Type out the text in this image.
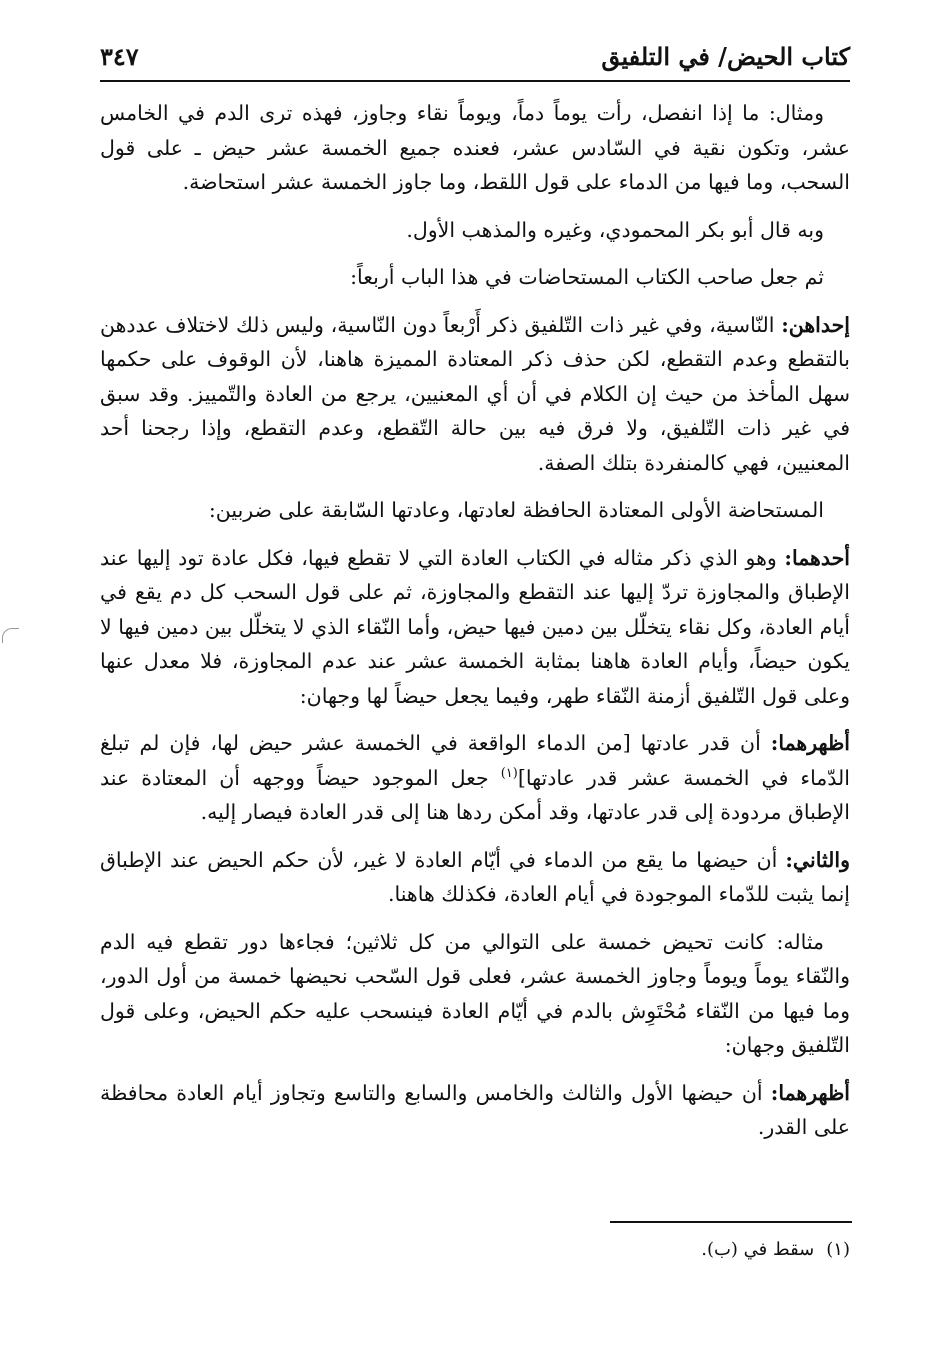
كتاب الحيض/ في التلفيق
٣٤٧

ومثال: ما إذا انفصل، رأت يوماً دماً، ويوماً نقاء وجاوز، فهذه ترى الدم في الخامس عشر، وتكون نقية في السّادس عشر، فعنده جميع الخمسة عشر حيض ـ على قول السحب، وما فيها من الدماء على قول اللقط، وما جاوز الخمسة عشر استحاضة.

وبه قال أبو بكر المحمودي، وغيره والمذهب الأول.

ثم جعل صاحب الكتاب المستحاضات في هذا الباب أربعاً:

إحداهن: النّاسية، وفي غير ذات التّلفيق ذكر أَرْبعاً دون النّاسية، وليس ذلك لاختلاف عددهن بالتقطع وعدم التقطع، لكن حذف ذكر المعتادة المميزة هاهنا، لأن الوقوف على حكمها سهل المأخذ من حيث إن الكلام في أن أي المعنيين، يرجع من العادة والتّمييز. وقد سبق في غير ذات التّلفيق، ولا فرق فيه بين حالة التّقطع، وعدم التقطع، وإذا رجحنا أحد المعنيين، فهي كالمنفردة بتلك الصفة.

المستحاضة الأولى المعتادة الحافظة لعادتها، وعادتها السّابقة على ضربين:

أحدهما: وهو الذي ذكر مثاله في الكتاب العادة التي لا تقطع فيها، فكل عادة تود إليها عند الإطباق والمجاوزة تردّ إليها عند التقطع والمجاوزة، ثم على قول السحب كل دم يقع في أيام العادة، وكل نقاء يتخلّل بين دمين فيها حيض، وأما النّقاء الذي لا يتخلّل بين دمين فيها لا يكون حيضاً، وأيام العادة هاهنا بمثابة الخمسة عشر عند عدم المجاوزة، فلا معدل عنها وعلى قول التّلفيق أزمنة النّقاء طهر، وفيما يجعل حيضاً لها وجهان:

أظهرهما: أن قدر عادتها [من الدماء الواقعة في الخمسة عشر حيض لها، فإن لم تبلغ الدّماء في الخمسة عشر قدر عادتها]$^{(١)}$ جعل الموجود حيضاً ووجهه أن المعتادة عند الإطباق مردودة إلى قدر عادتها، وقد أمكن ردها هنا إلى قدر العادة فيصار إليه.

والثاني: أن حيضها ما يقع من الدماء في أيّام العادة لا غير، لأن حكم الحيض عند الإطباق إنما يثبت للدّماء الموجودة في أيام العادة، فكذلك هاهنا.

مثاله: كانت تحيض خمسة على التوالي من كل ثلاثين؛ فجاءها دور تقطع فيه الدم والنّقاء يوماً ويوماً وجاوز الخمسة عشر، فعلى قول السّحب نحيضها خمسة من أول الدور، وما فيها من النّقاء مُحْتَوِش بالدم في أيّام العادة فينسحب عليه حكم الحيض، وعلى قول التّلفيق وجهان:

أظهرهما: أن حيضها الأول والثالث والخامس والسابع والتاسع وتجاوز أيام العادة محافظة على القدر.

(١)سقط في (ب).
